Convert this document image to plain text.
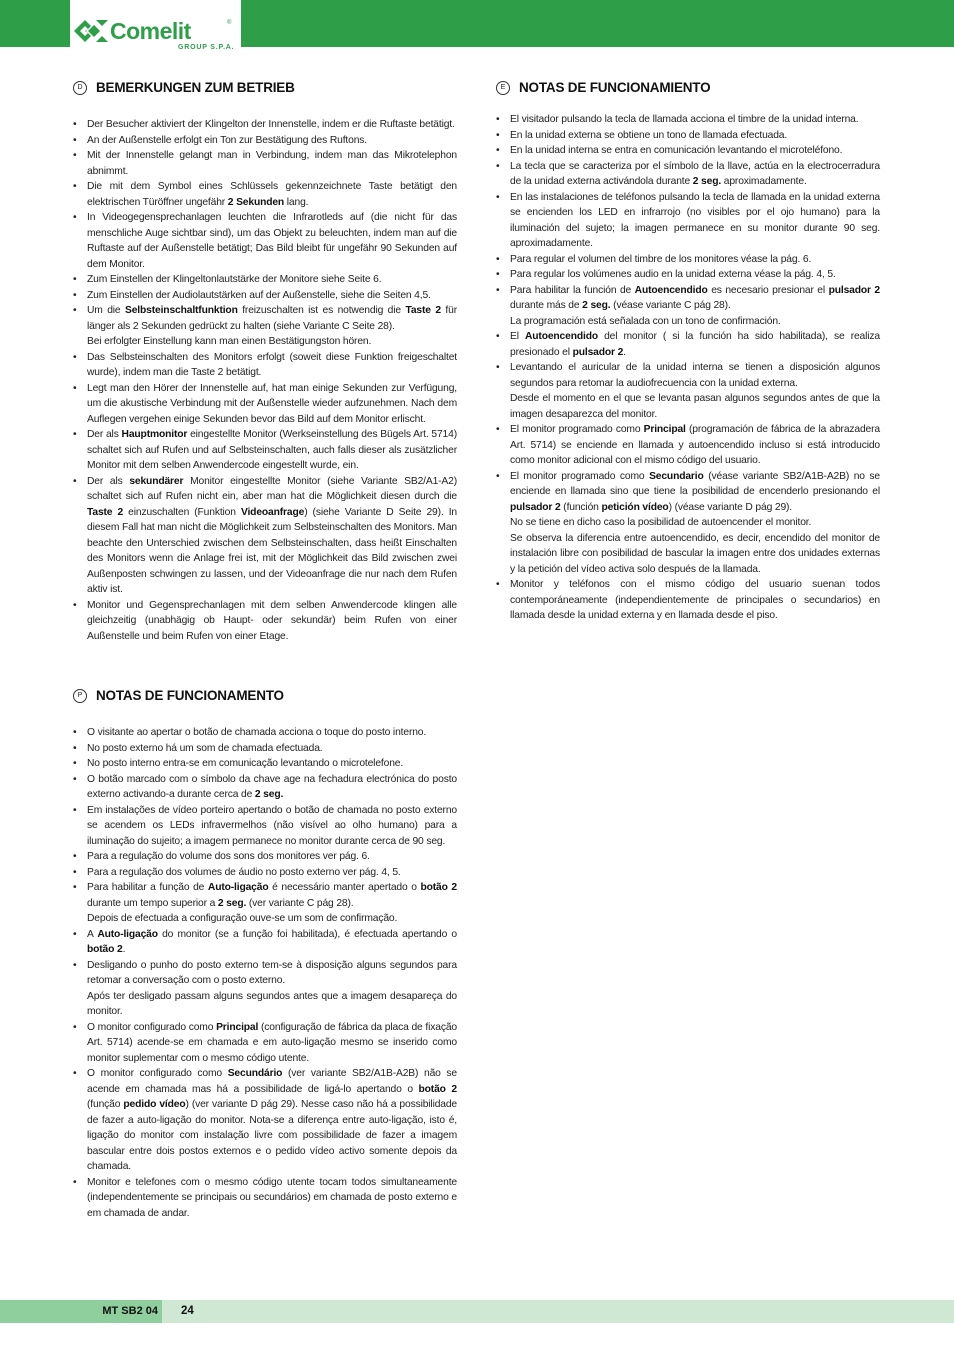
Comelit	®
GROUP S.P.A.
D BEMERKUNGEN ZUM BETRIEB
• Der Besucher aktiviert der Klingelton der Innenstelle, indem er die Ruftaste betätigt.
• An der Außenstelle erfolgt ein Ton zur Bestätigung des Ruftons.
• Mit der Innenstelle gelangt man in Verbindung, indem man das Mikrotelephon abnimmt.
• Die mit dem Symbol eines Schlüssels gekennzeichnete Taste betätigt den elektrischen Türöffner ungefähr 2 Sekunden lang.
• In Videogegensprechanlagen leuchten die Infrarotleds auf (die nicht für das menschliche Auge sichtbar sind), um das Objekt zu beleuchten, indem man auf die Ruftaste auf der Außenstelle betätigt; Das Bild bleibt für ungefähr 90 Sekunden auf dem Monitor.
• Zum Einstellen der Klingeltonlautstärke der Monitore siehe Seite 6.
• Zum Einstellen der Audiolautstärken auf der Außenstelle, siehe die Seiten 4,5.
• Um die Selbsteinschaltfunktion freizuschalten ist es notwendig die Taste 2 für länger als 2 Sekunden gedrückt zu halten (siehe Variante C Seite 28).
Bei erfolgter Einstellung kann man einen Bestätigungston hören.
• Das Selbsteinschalten des Monitors erfolgt (soweit diese Funktion freigeschaltet wurde), indem man die Taste 2 betätigt.
• Legt man den Hörer der Innenstelle auf, hat man einige Sekunden zur Verfügung, um die akustische Verbindung mit der Außenstelle wieder aufzunehmen. Nach dem Auflegen vergehen einige Sekunden bevor das Bild auf dem Monitor erlischt.
• Der als Hauptmonitor eingestellte Monitor (Werkseinstellung des Bügels Art. 5714) schaltet sich auf Rufen und auf Selbsteinschalten, auch falls dieser als zusätzlicher Monitor mit dem selben Anwendercode eingestellt wurde, ein.
• Der als sekundärer Monitor eingestellte Monitor (siehe Variante SB2/A1-A2) schaltet sich auf Rufen nicht ein, aber man hat die Möglichkeit diesen durch die Taste 2 einzuschalten (Funktion Videoanfrage) (siehe Variante D Seite 29). In diesem Fall hat man nicht die Möglichkeit zum Selbsteinschalten des Monitors. Man beachte den Unterschied zwischen dem Selbsteinschalten, dass heißt Einschalten des Monitors wenn die Anlage frei ist, mit der Möglichkeit das Bild zwischen zwei Außenposten schwingen zu lassen, und der Videoanfrage die nur nach dem Rufen aktiv ist.
• Monitor und Gegensprechanlagen mit dem selben Anwendercode klingen alle gleichzeitig (unabhägig ob Haupt- oder sekundär) beim Rufen von einer Außenstelle und beim Rufen von einer Etage.
E	NOTAS DE FUNCIONAMIENTO
• El visitador pulsando la tecla de llamada acciona el timbre de la unidad interna.
• En la unidad externa se obtiene un tono de llamada efectuada.
• En la unidad interna se entra en comunicación levantando el microteléfono.
• La tecla que se caracteriza por el símbolo de la llave, actúa en la electrocerradura de la unidad externa activándola durante 2 seg. aproximadamente.
• En las instalaciones de teléfonos pulsando la tecla de llamada en la unidad externa se encienden los LED en infrarrojo (no visibles por el ojo humano) para la iluminación del sujeto; la imagen permanece en su monitor durante 90 seg. aproximadamente.
• Para regular el volumen del timbre de los monitores véase la pág. 6.
• Para regular los volúmenes audio en la unidad externa véase la pág. 4, 5.
• Para habilitar la función de Autoencendido es necesario presionar el pulsador 2 durante más de 2 seg. (véase variante C pág 28).
La programación está señalada con un tono de confirmación.
• El Autoencendido del monitor ( si la función ha sido habilitada), se realiza presionado el pulsador 2.
• Levantando el auricular de la unidad interna se tienen a disposición algunos segundos para retomar la audiofrecuencia con la unidad externa.
Desde el momento en el que se levanta pasan algunos segundos antes de que la imagen desaparezca del monitor.
• El monitor programado como Principal (programación de fábrica de la abrazadera Art. 5714) se enciende en llamada y autoencendido incluso si está introducido como monitor adicional con el mismo código del usuario.
• El monitor programado como Secundario (véase variante SB2/A1B-A2B) no se enciende en llamada sino que tiene la posibilidad de encenderlo presionando el pulsador 2 (función petición vídeo) (véase variante D pág 29).
No se tiene en dicho caso la posibilidad de autoencender el monitor.
Se observa la diferencia entre autoencendido, es decir, encendido del monitor de instalación libre con posibilidad de bascular la imagen entre dos unidades externas y la petición del vídeo activa solo después de la llamada.
• Monitor y teléfonos con el mismo código del usuario suenan todos contemporáneamente (independientemente de principales o secundarios) en llamada desde la unidad externa y en llamada desde el piso.
P	NOTAS DE FUNCIONAMENTO
• O visitante ao apertar o botão de chamada acciona o toque do posto interno.
• No posto externo há um som de chamada efectuada.
• No posto interno entra-se em comunicação levantando o microtelefone.
• O botão marcado com o símbolo da chave age na fechadura electrónica do posto externo activando-a durante cerca de 2 seg.
• Em instalações de vídeo porteiro apertando o botão de chamada no posto externo se acendem os LEDs infravermelhos (não visível ao olho humano) para a iluminação do sujeito; a imagem permanece no monitor durante cerca de 90 seg.
• Para a regulação do volume dos sons dos monitores ver pág. 6.
• Para a regulação dos volumes de áudio no posto externo ver pág. 4, 5.
• Para habilitar a função de Auto-ligação é necessário manter apertado o botão 2 durante um tempo superior a 2 seg. (ver variante C pág 28).
Depois de efectuada a configuração ouve-se um som de confirmação.
• A Auto-ligação do monitor (se a função foi habilitada), é efectuada apertando o botão 2.
• Desligando o punho do posto externo tem-se à disposição alguns segundos para retomar a conversação com o posto externo.
Após ter desligado passam alguns segundos antes que a imagem desapareça do monitor.
• O monitor configurado como Principal (configuração de fábrica da placa de fixação Art. 5714) acende-se em chamada e em auto-ligação mesmo se inserido como monitor suplementar com o mesmo código utente.
• O monitor configurado como Secundário (ver variante SB2/A1B-A2B) não se acende em chamada mas há a possibilidade de ligá-lo apertando o botão 2 (função pedido vídeo) (ver variante D pág 29). Nesse caso não há a possibilidade de fazer a auto-ligação do monitor. Nota-se a diferença entre auto-ligação, isto é, ligação do monitor com instalação livre com possibilidade de fazer a imagem bascular entre dois postos externos e o pedido vídeo activo somente depois da chamada.
• Monitor e telefones com o mesmo código utente tocam todos simultaneamente (independentemente se principais ou secundários) em chamada de posto externo e em chamada de andar.
MT SB2 04	24
